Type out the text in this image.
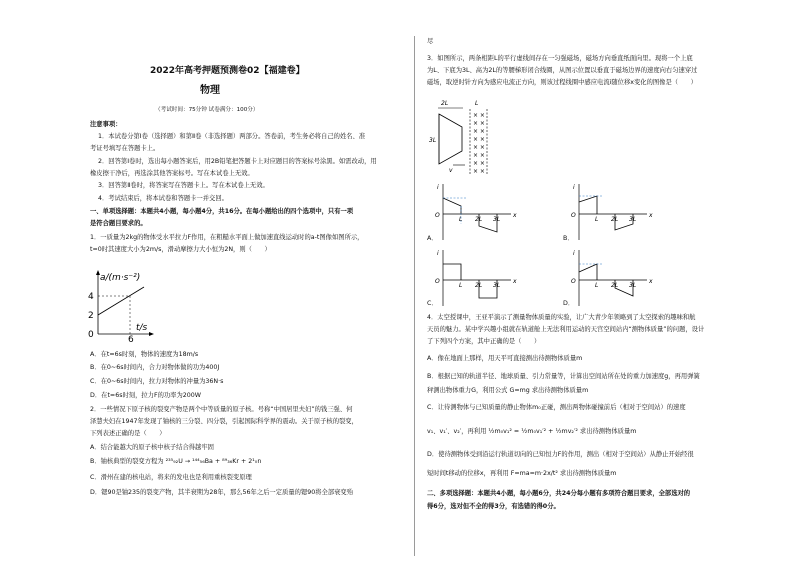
2022年高考押题预测卷02【福建卷】
物理
（考试时间：75分钟 试卷满分：100分）
注意事项：
1．本试卷分第Ⅰ卷（选择题）和第Ⅱ卷（非选择题）两部分。答卷前，考生务必将自己的姓名、准
考证号填写在答题卡上。
2．回答第Ⅰ卷时，选出每小题答案后，用2B铅笔把答题卡上对应题目的答案标号涂黑。如需改动，用
橡皮擦干净后，再选涂其他答案标号。写在本试卷上无效。
3．回答第Ⅱ卷时，将答案写在答题卡上。写在本试卷上无效。
4．考试结束后，将本试卷和答题卡一并交回。
一、单项选择题：本题共4小题，每小题4分，共16分。在每小题给出的四个选项中，只有一项
是符合题目要求的。
1．一质量为2kg的物体受水平拉力F作用，在粗糙水平面上做加速直线运动时的a-t图像如图所示，
t=0时其速度大小为2m/s，滑动摩擦力大小恒为2N，则（　　）
a/(m·s⁻²)
t/s
4
2
0	6
A．在t=6s时刻，物体的速度为18m/s
B．在0~6s时间内，合力对物体做的功为400J
C．在0~6s时间内，拉力对物体的冲量为36N·s
D．在t=6s时刻，拉力F的功率为200W
2．一些情况下原子核的裂变产物是两个中等质量的原子核。号称“中国居里夫妇”的钱三强、何
泽慧夫妇在1947年发现了铀核的三分裂、四分裂，引起国际科学界的震动。关于原子核的裂变，
下列表述正确的是（　　）
A．结合能越大的原子核中核子结合得越牢固
B．铀核典型的裂变方程为 ²³⁵₉₂U → ¹⁴⁴₅₆Ba + ⁸⁹₃₆Kr + 2¹₀n
C．滑州在建的核电站，将来的发电也是利用重核裂变原理
D．锶90是铀235的裂变产物，其半衰期为28年，那么56年之后一定质量的锶90将全部衰变殆
尽
3．如图所示，两条相距L的平行虚线间存在一匀强磁场，磁场方向垂直纸面向里。现将一个上底
为L、下底为3L、高为2L的等腰梯形闭合线圈，从图示位置以垂直于磁场边界的速度向右匀速穿过
磁场，取逆时针方向为感应电流正方向，则该过程线圈中感应电流i随位移x变化的图像是（　　）
2L	L
3L
v
× ×
× ×
× ×
× ×
× ×
× ×
× ×
× ×
i
O	x
L 2L 3L
A．
i
O	x
L 2L 3L
B．
i
O	x
L 2L 3L
C．
i
O	x
L 2L 3L
D．
4．太空授课中，王亚平演示了测量物体质量的实验，让广大青少年领略到了太空探索的趣味和航
天员的魅力。某中学兴趣小组就在轨道舱上无法利用运动的天宫空间站内“测物体质量”的问题，设计
了下列四个方案，其中正确的是（　　）
A．像在地面上那样，用天平可直接测出待测物体质量m
B．根据已知的轨道半径、地球质量、引力常量等，计算出空间站所在处的重力加速度g，再用弹簧
秤测出物体重力G，利用公式 G=mg 求出待测物体质量m
C．让待测物体与已知质量的静止物体m₀正碰，测出两物体碰撞前后（相对于空间站）的速度
v₁、v₁′、v₂′，再利用 ½m₀v₁² = ½m₀v₁′² + ½mv₂′² 求出待测物体质量m
D．使待测物体受到沿运行轨道切向的已知恒力F的作用，测出（相对于空间站）从静止开始经很
短时间t移动的位移x，再利用 F=ma=m·2x/t² 求出待测物体质量m
二、多项选择题：本题共4小题，每小题6分，共24分每小题有多项符合题目要求，全部选对的
得6分，选对但不全的得3分，有选错的得0分。
